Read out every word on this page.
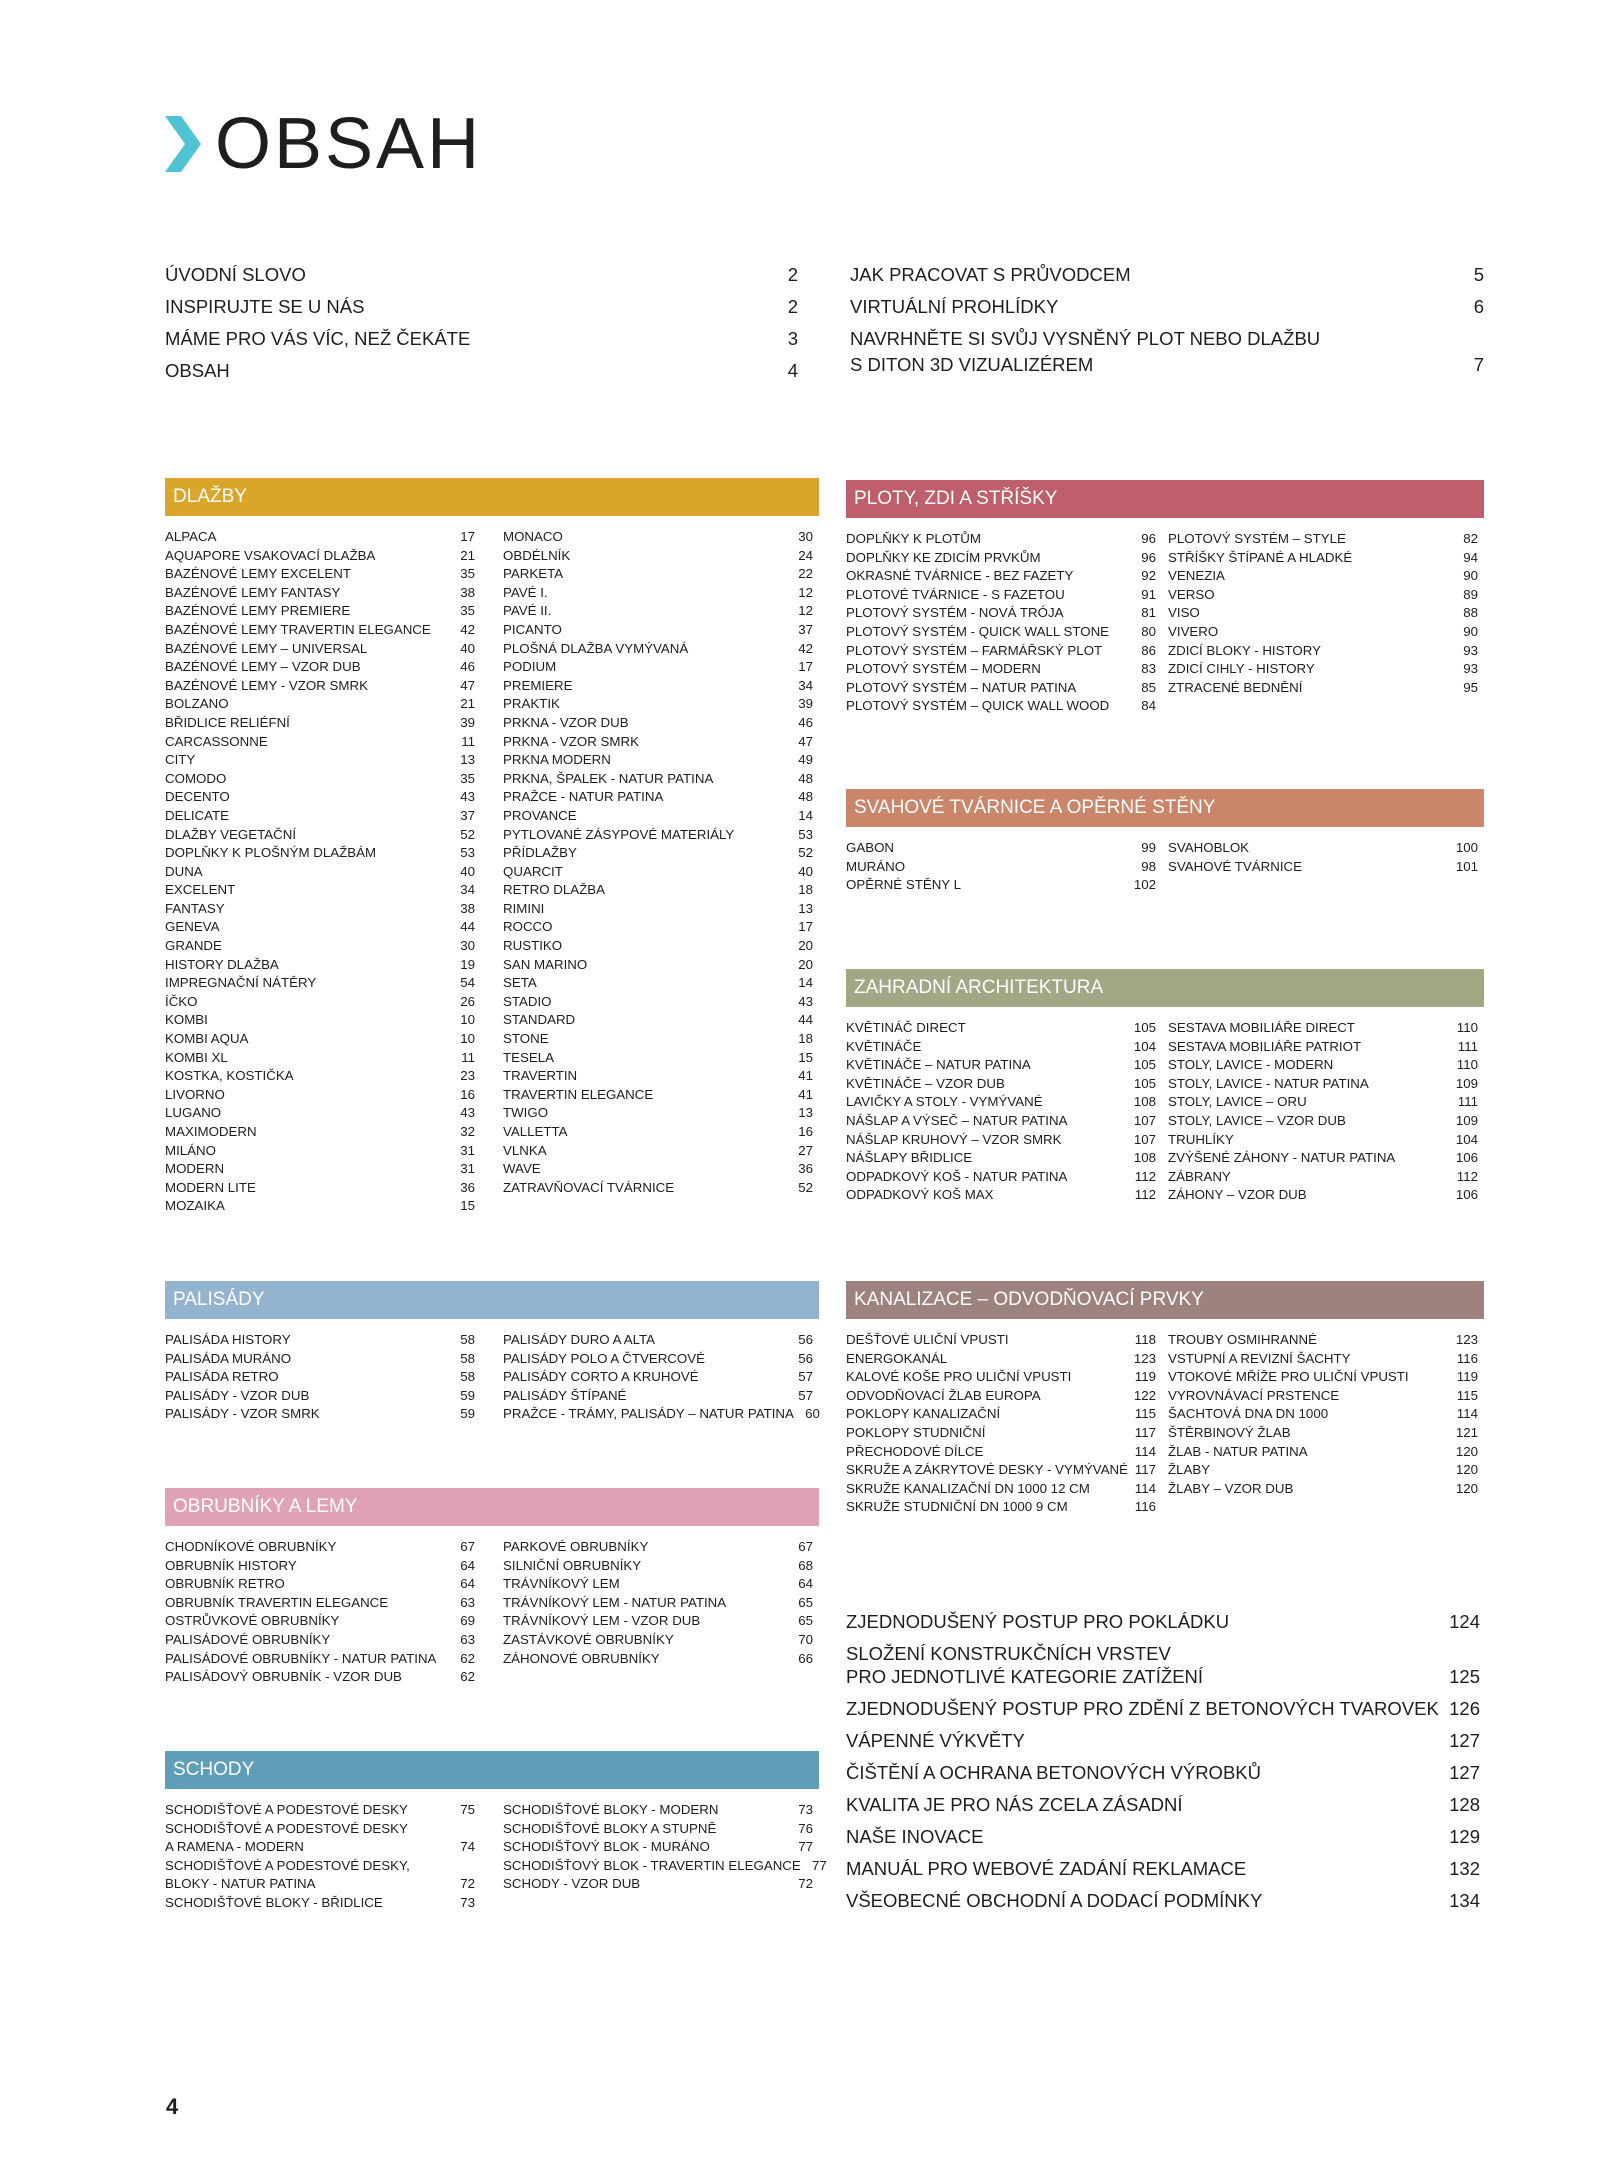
OBSAH
ÚVODNÍ SLOVO	2
INSPIRUJTE SE U NÁS	2
MÁME PRO VÁS VÍC, NEŽ ČEKÁTE	3
OBSAH	4
JAK PRACOVAT S PRŮVODCEM	5
VIRTUÁLNÍ PROHLÍDKY	6
NAVRHNĚTE SI SVŮJ VYSNĚNÝ PLOT NEBO DLAŽBU
S DITON 3D VIZUALIZÉREM	7
DLAŽBY
ALPACA	17
AQUAPORE VSAKOVACÍ DLAŽBA	21
BAZÉNOVÉ LEMY EXCELENT	35
BAZÉNOVÉ LEMY FANTASY	38
BAZÉNOVÉ LEMY PREMIERE	35
BAZÉNOVÉ LEMY TRAVERTIN ELEGANCE	42
BAZÉNOVÉ LEMY – UNIVERSAL	40
BAZÉNOVÉ LEMY – VZOR DUB	46
BAZÉNOVÉ LEMY - VZOR SMRK	47
BOLZANO	21
BŘIDLICE RELIÉFNÍ	39
CARCASSONNE	11
CITY	13
COMODO	35
DECENTO	43
DELICATE	37
DLAŽBY VEGETAČNÍ	52
DOPLŇKY K PLOŠNÝM DLAŽBÁM	53
DUNA	40
EXCELENT	34
FANTASY	38
GENEVA	44
GRANDE	30
HISTORY DLAŽBA	19
IMPREGNAČNÍ NÁTĚRY	54
ÍČKO	26
KOMBI	10
KOMBI AQUA	10
KOMBI XL	11
KOSTKA, KOSTIČKA	23
LIVORNO	16
LUGANO	43
MAXIMODERN	32
MILÁNO	31
MODERN	31
MODERN LITE	36
MOZAIKA	15
MONACO	30
OBDÉLNÍK	24
PARKETA	22
PAVÉ I.	12
PAVÉ II.	12
PICANTO	37
PLOŠNÁ DLAŽBA VYMÝVANÁ	42
PODIUM	17
PREMIERE	34
PRAKTIK	39
PRKNA - VZOR DUB	46
PRKNA - VZOR SMRK	47
PRKNA MODERN	49
PRKNA, ŠPALEK - NATUR PATINA	48
PRAŽCE - NATUR PATINA	48
PROVANCE	14
PYTLOVANÉ ZÁSYPOVÉ MATERIÁLY	53
PŘÍDLAŽBY	52
QUARCIT	40
RETRO DLAŽBA	18
RIMINI	13
ROCCO	17
RUSTIKO	20
SAN MARINO	20
SETA	14
STADIO	43
STANDARD	44
STONE	18
TESELA	15
TRAVERTIN	41
TRAVERTIN ELEGANCE	41
TWIGO	13
VALLETTA	16
VLNKA	27
WAVE	36
ZATRAVŇOVACÍ TVÁRNICE	52
PLOTY, ZDI A STŘÍŠKY
DOPLŇKY K PLOTŮM	96
DOPLŇKY KE ZDICÍM PRVKŮM	96
OKRASNÉ TVÁRNICE - BEZ FAZETY	92
PLOTOVÉ TVÁRNICE - S FAZETOU	91
PLOTOVÝ SYSTÉM - NOVÁ TRÓJA	81
PLOTOVÝ SYSTÉM - QUICK WALL STONE	80
PLOTOVÝ SYSTÉM – FARMÁŘSKÝ PLOT	86
PLOTOVÝ SYSTÉM – MODERN	83
PLOTOVÝ SYSTÉM – NATUR PATINA	85
PLOTOVÝ SYSTÉM – QUICK WALL WOOD	84
PLOTOVÝ SYSTÉM – STYLE	82
STŘÍŠKY ŠTÍPANÉ A HLADKÉ	94
VENEZIA	90
VERSO	89
VISO	88
VIVERO	90
ZDICÍ BLOKY - HISTORY	93
ZDICÍ CIHLY - HISTORY	93
ZTRACENÉ BEDNĚNÍ	95
SVAHOVÉ TVÁRNICE A OPĚRNÉ STĚNY
GABON	99
MURÁNO	98
OPĚRNÉ STĚNY L	102
SVAHOBLOK	100
SVAHOVÉ TVÁRNICE	101
ZAHRADNÍ ARCHITEKTURA
KVĚTINÁČ DIRECT	105
KVĚTINÁČE	104
KVĚTINÁČE – NATUR PATINA	105
KVĚTINÁČE – VZOR DUB	105
LAVIČKY A STOLY - VYMÝVANÉ	108
NÁŠLAP A VÝSEČ – NATUR PATINA	107
NÁŠLAP KRUHOVÝ – VZOR SMRK	107
NÁŠLAPY BŘIDLICE	108
ODPADKOVÝ KOŠ - NATUR PATINA	112
ODPADKOVÝ KOŠ MAX	112
SESTAVA MOBILIÁŘE DIRECT	110
SESTAVA MOBILIÁŘE PATRIOT	111
STOLY, LAVICE - MODERN	110
STOLY, LAVICE - NATUR PATINA	109
STOLY, LAVICE – ORU	111
STOLY, LAVICE – VZOR DUB	109
TRUHLÍKY	104
ZVÝŠENÉ ZÁHONY - NATUR PATINA	106
ZÁBRANY	112
ZÁHONY – VZOR DUB	106
PALISÁDY
PALISÁDA HISTORY	58
PALISÁDA MURÁNO	58
PALISÁDA RETRO	58
PALISÁDY - VZOR DUB	59
PALISÁDY - VZOR SMRK	59
PALISÁDY DURO A ALTA	56
PALISÁDY POLO A ČTVERCOVÉ	56
PALISÁDY CORTO A KRUHOVÉ	57
PALISÁDY ŠTÍPANÉ	57
PRAŽCE - TRÁMY, PALISÁDY – NATUR PATINA 60
KANALIZACE – ODVODŇOVACÍ PRVKY
DEŠŤOVÉ ULIČNÍ VPUSTI	118
ENERGOKANÁL	123
KALOVÉ KOŠE PRO ULIČNÍ VPUSTI	119
ODVODŇOVACÍ ŽLAB EUROPA	122
POKLOPY KANALIZAČNÍ	115
POKLOPY STUDNIČNÍ	117
PŘECHODOVÉ DÍLCE	114
SKRUŽE A ZÁKRYTOVÉ DESKY - VYMÝVANÉ 117
SKRUŽE KANALIZAČNÍ DN 1000 12 CM	114
SKRUŽE STUDNIČNÍ DN 1000 9 CM	116
TROUBY OSMIHRANNÉ	123
VSTUPNÍ A REVIZNÍ ŠACHTY	116
VTOKOVÉ MŘÍŽE PRO ULIČNÍ VPUSTI	119
VYROVNÁVACÍ PRSTENCE	115
ŠACHTOVÁ DNA DN 1000	114
ŠTĚRBINOVÝ ŽLAB	121
ŽLAB - NATUR PATINA	120
ŽLABY	120
ŽLABY – VZOR DUB	120
OBRUBNÍKY A LEMY
CHODNÍKOVÉ OBRUBNÍKY	67
OBRUBNÍK HISTORY	64
OBRUBNÍK RETRO	64
OBRUBNÍK TRAVERTIN ELEGANCE	63
OSTRŮVKOVÉ OBRUBNÍKY	69
PALISÁDOVÉ OBRUBNÍKY	63
PALISÁDOVÉ OBRUBNÍKY - NATUR PATINA	62
PALISÁDOVÝ OBRUBNÍK - VZOR DUB	62
PARKOVÉ OBRUBNÍKY	67
SILNIČNÍ OBRUBNÍKY	68
TRÁVNÍKOVÝ LEM	64
TRÁVNÍKOVÝ LEM - NATUR PATINA	65
TRÁVNÍKOVÝ LEM - VZOR DUB	65
ZASTÁVKOVÉ OBRUBNÍKY	70
ZÁHONOVÉ OBRUBNÍKY	66
SCHODY
SCHODIŠŤOVÉ A PODESTOVÉ DESKY	75
SCHODIŠŤOVÉ A PODESTOVÉ DESKY
A RAMENA - MODERN	74
SCHODIŠŤOVÉ A PODESTOVÉ DESKY,
BLOKY - NATUR PATINA	72
SCHODIŠŤOVÉ BLOKY - BŘIDLICE	73
SCHODIŠŤOVÉ BLOKY - MODERN	73
SCHODIŠŤOVÉ BLOKY A STUPNĚ	76
SCHODIŠŤOVÝ BLOK - MURÁNO	77
SCHODIŠŤOVÝ BLOK - TRAVERTIN ELEGANCE 77
SCHODY - VZOR DUB	72
ZJEDNODUŠENÝ POSTUP PRO POKLÁDKU	124
SLOŽENÍ KONSTRUKČNÍCH VRSTEV
PRO JEDNOTLIVÉ KATEGORIE ZATÍŽENÍ	125
ZJEDNODUŠENÝ POSTUP PRO ZDĚNÍ Z BETONOVÝCH TVAROVEK 126
VÁPENNÉ VÝKVĚTY	127
ČIŠTĚNÍ A OCHRANA BETONOVÝCH VÝROBKŮ	127
KVALITA JE PRO NÁS ZCELA ZÁSADNÍ	128
NAŠE INOVACE	129
MANUÁL PRO WEBOVÉ ZADÁNÍ REKLAMACE	132
VŠEOBECNÉ OBCHODNÍ A DODACÍ PODMÍNKY	134
4
